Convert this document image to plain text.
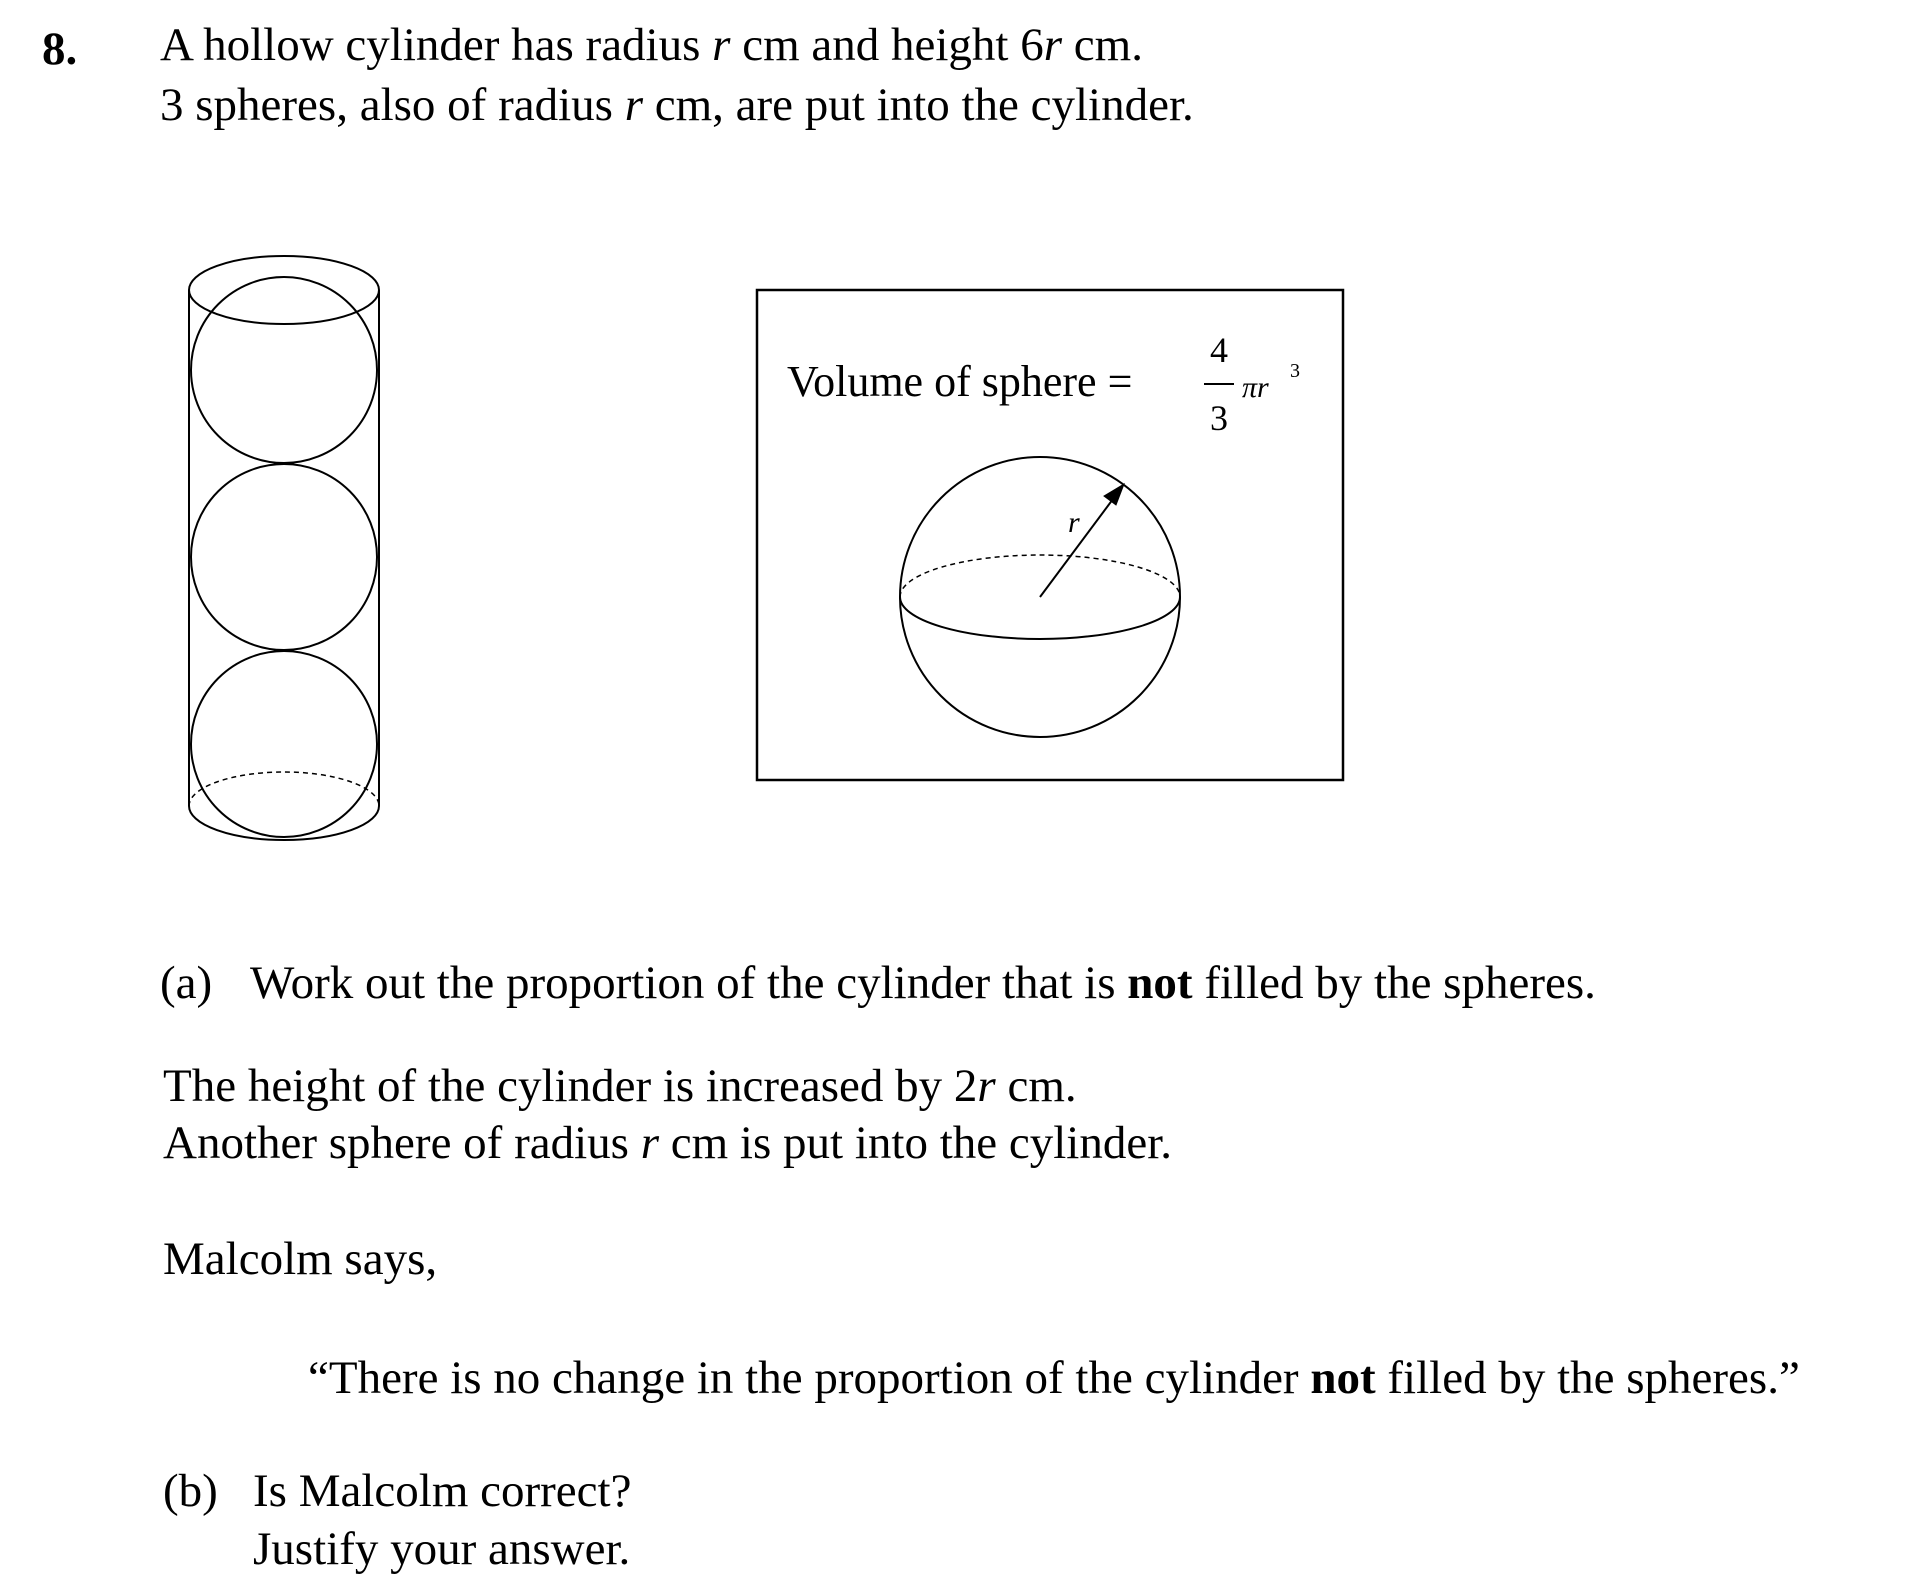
8. A hollow cylinder has radius r cm and height 6r cm.
3 spheres, also of radius r cm, are put into the cylinder.
Volume of sphere =
4
3
πr 3
r
(a) Work out the proportion of the cylinder that is not filled by the spheres.
The height of the cylinder is increased by 2r cm.
Another sphere of radius r cm is put into the cylinder.
Malcolm says,
“There is no change in the proportion of the cylinder not filled by the spheres.”
(b) Is Malcolm correct?
Justify your answer.
